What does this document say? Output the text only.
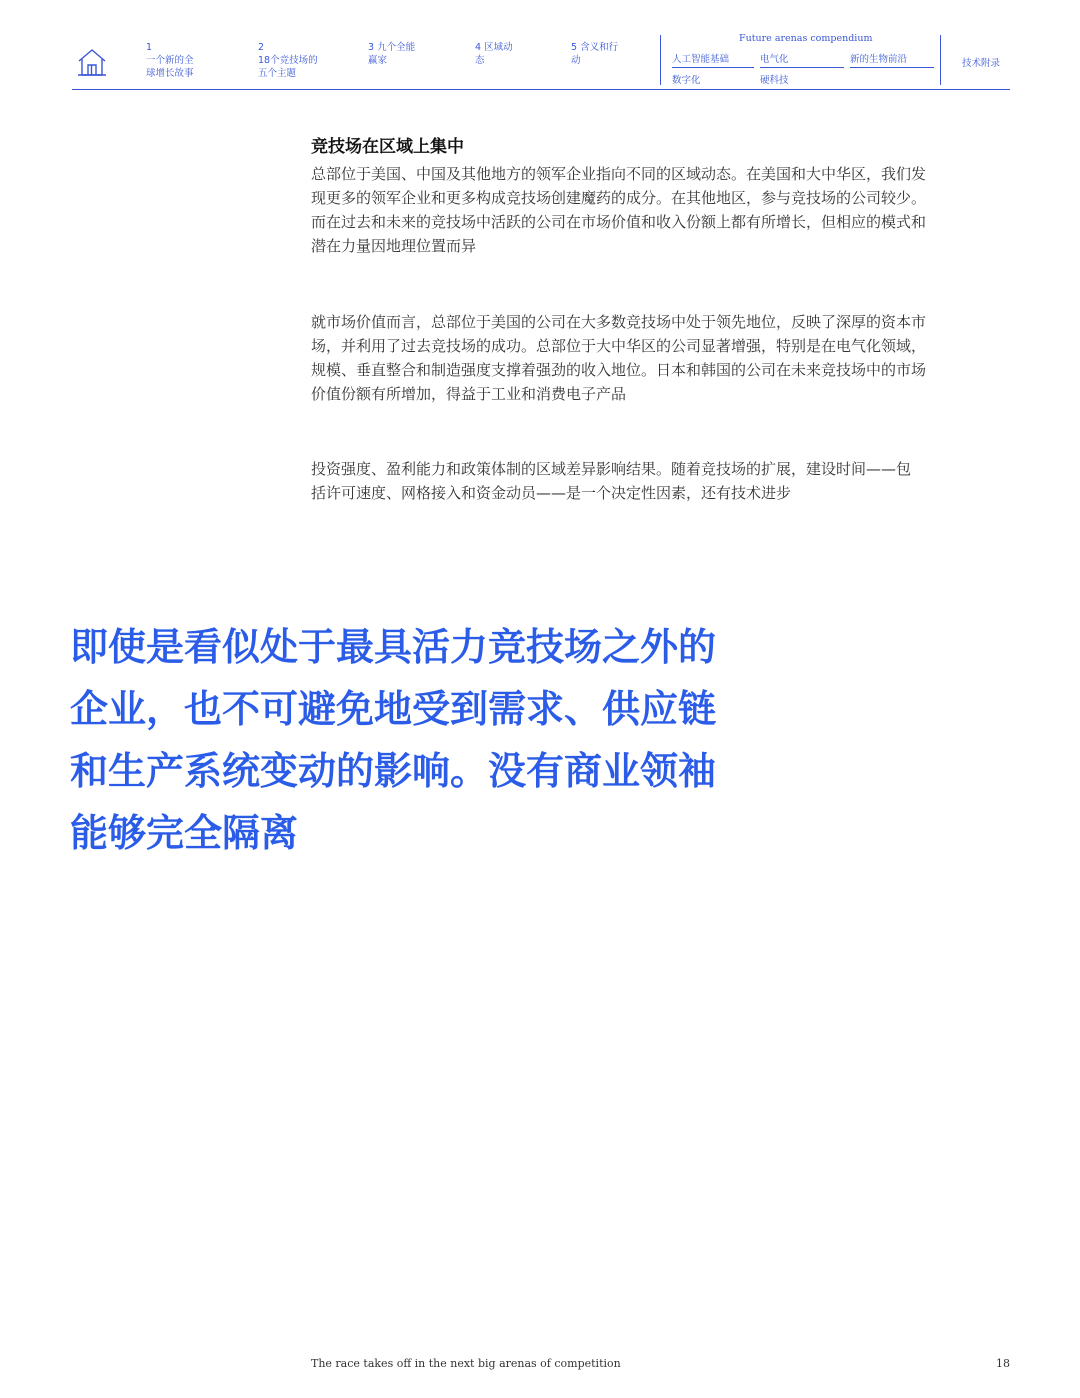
1
一个新的全
球增长故事
2
18个竞技场的
五个主题
3 九个全能
赢家
4 区域动
态
5 含义和行
动
Future arenas compendium
人工智能基础	电气化	新的生物前沿
数字化	硬科技
技术附录
竞技场在区域上集中

总部位于美国、中国及其他地方的领军企业指向不同的区域动态。在美国和大中华区，我们发
现更多的领军企业和更多构成竞技场创建魔药的成分。在其他地区，参与竞技场的公司较少。
而在过去和未来的竞技场中活跃的公司在市场价值和收入份额上都有所增长，但相应的模式和
潜在力量因地理位置而异

就市场价值而言，总部位于美国的公司在大多数竞技场中处于领先地位，反映了深厚的资本市
场，并利用了过去竞技场的成功。总部位于大中华区的公司显著增强，特别是在电气化领域，
规模、垂直整合和制造强度支撑着强劲的收入地位。日本和韩国的公司在未来竞技场中的市场
价值份额有所增加，得益于工业和消费电子产品

投资强度、盈利能力和政策体制的区域差异影响结果。随着竞技场的扩展，建设时间——包
括许可速度、网格接入和资金动员——是一个决定性因素，还有技术进步

即使是看似处于最具活力竞技场之外的
企业，也不可避免地受到需求、供应链
和生产系统变动的影响。没有商业领袖
能够完全隔离

The race takes off in the next big arenas of competition	18
